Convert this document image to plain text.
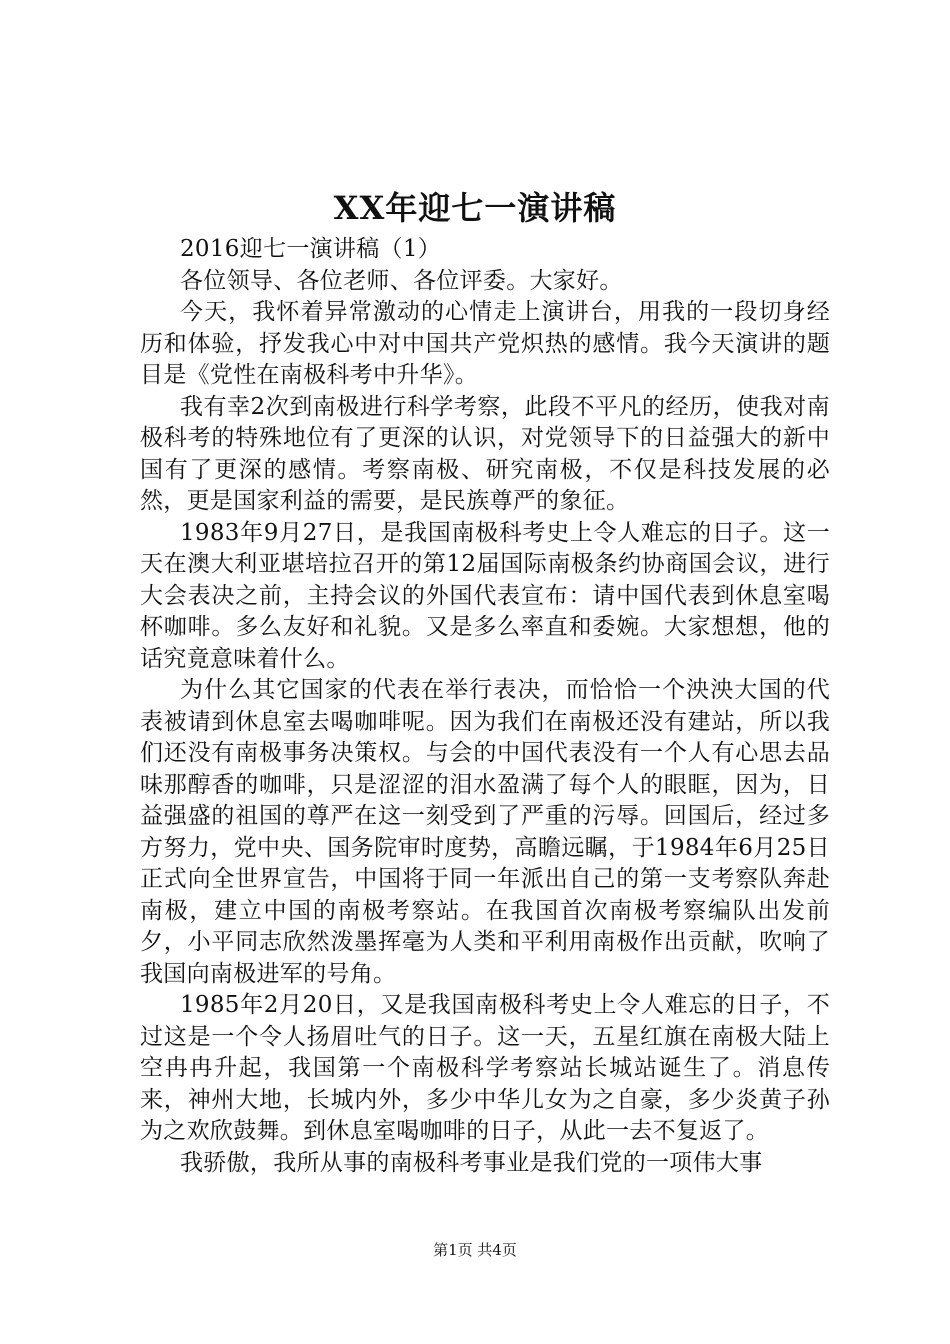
XX年迎七一演讲稿

2016迎七一演讲稿（1）

各位领导、各位老师、各位评委。大家好。

今天，我怀着异常激动的心情走上演讲台，用我的一段切身经历和体验，抒发我心中对中国共产党炽热的感情。我今天演讲的题目是《党性在南极科考中升华》。

我有幸2次到南极进行科学考察，此段不平凡的经历，使我对南极科考的特殊地位有了更深的认识，对党领导下的日益强大的新中国有了更深的感情。考察南极、研究南极，不仅是科技发展的必然，更是国家利益的需要，是民族尊严的象征。

1983年9月27日，是我国南极科考史上令人难忘的日子。这一天在澳大利亚堪培拉召开的第12届国际南极条约协商国会议，进行大会表决之前，主持会议的外国代表宣布：请中国代表到休息室喝杯咖啡。多么友好和礼貌。又是多么率直和委婉。大家想想，他的话究竟意味着什么。

为什么其它国家的代表在举行表决，而恰恰一个泱泱大国的代表被请到休息室去喝咖啡呢。因为我们在南极还没有建站，所以我们还没有南极事务决策权。与会的中国代表没有一个人有心思去品味那醇香的咖啡，只是涩涩的泪水盈满了每个人的眼眶，因为，日益强盛的祖国的尊严在这一刻受到了严重的污辱。回国后，经过多方努力，党中央、国务院审时度势，高瞻远瞩，于1984年6月25日正式向全世界宣告，中国将于同一年派出自己的第一支考察队奔赴南极，建立中国的南极考察站。在我国首次南极考察编队出发前夕，小平同志欣然泼墨挥毫为人类和平利用南极作出贡献，吹响了我国向南极进军的号角。

1985年2月20日，又是我国南极科考史上令人难忘的日子，不过这是一个令人扬眉吐气的日子。这一天，五星红旗在南极大陆上空冉冉升起，我国第一个南极科学考察站长城站诞生了。消息传来，神州大地，长城内外，多少中华儿女为之自豪，多少炎黄子孙为之欢欣鼓舞。到休息室喝咖啡的日子，从此一去不复返了。

我骄傲，我所从事的南极科考事业是我们党的一项伟大事

第1页 共4页
